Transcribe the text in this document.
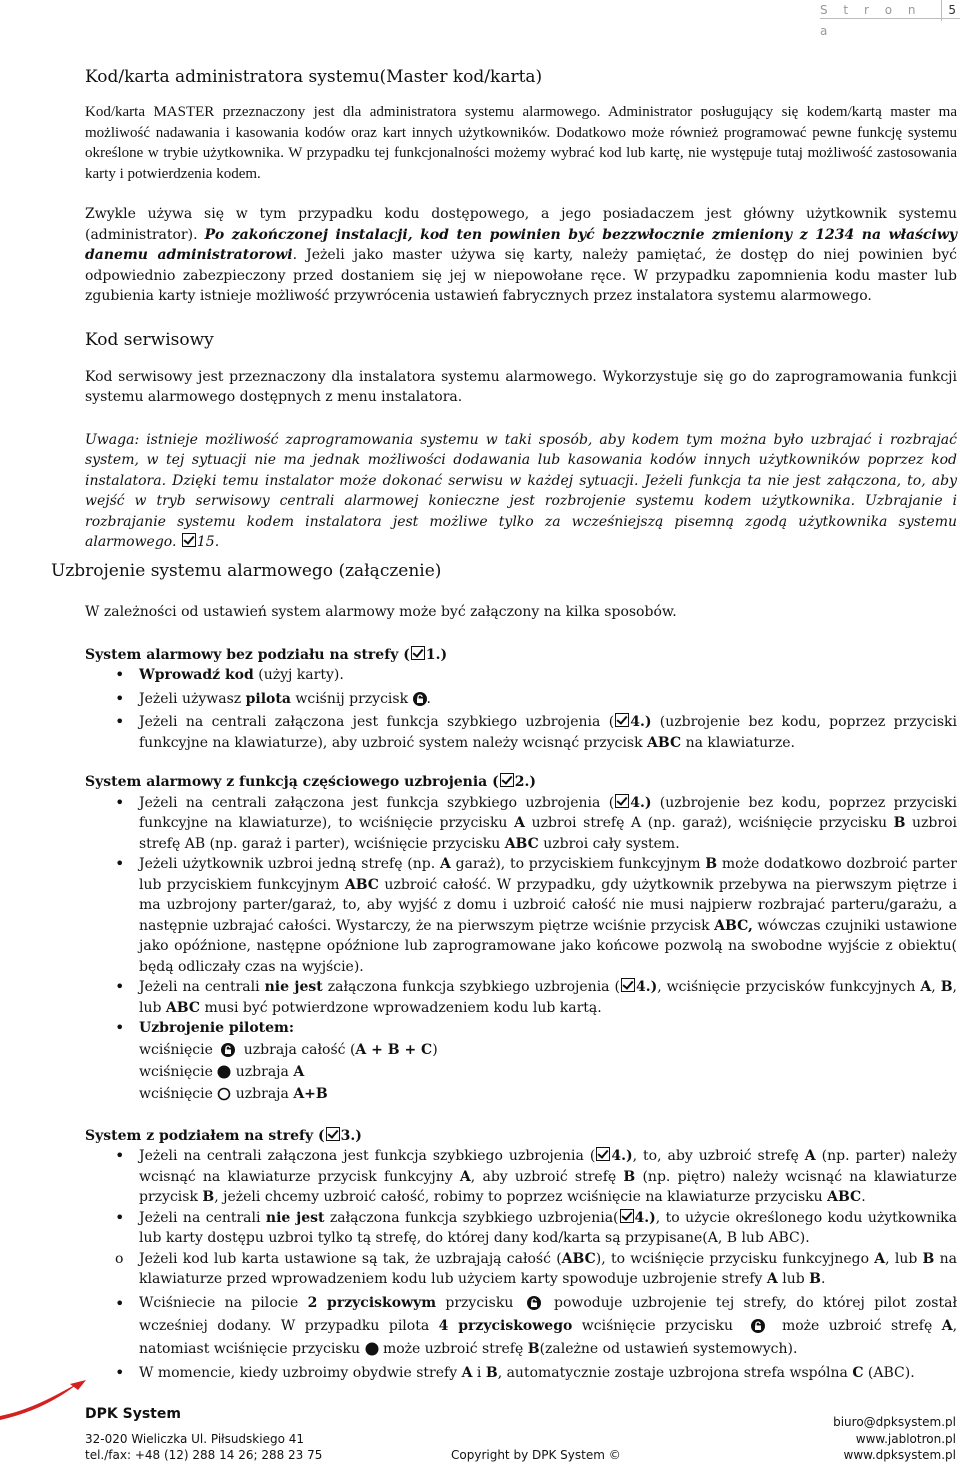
S t r o n a
5
Kod/karta administratora systemu(Master kod/karta)

Kod/karta MASTER przeznaczony jest dla administratora systemu alarmowego. Administrator posługujący się kodem/kartą master ma możliwość nadawania i kasowania kodów oraz kart innych użytkowników. Dodatkowo może również programować pewne funkcję systemu określone w trybie użytkownika. W przypadku tej funkcjonalności możemy wybrać kod lub kartę, nie występuje tutaj możliwość zastosowania karty i potwierdzenia kodem.

Zwykle używa się w tym przypadku kodu dostępowego, a jego posiadaczem jest główny użytkownik systemu (administrator). Po zakończonej instalacji, kod ten powinien być bezzwłocznie zmieniony z 1234 na właściwy danemu administratorowi. Jeżeli jako master używa się karty, należy pamiętać, że dostęp do niej powinien być odpowiednio zabezpieczony przed dostaniem się jej w niepowołane ręce. W przypadku zapomnienia kodu master lub zgubienia karty istnieje możliwość przywrócenia ustawień fabrycznych przez instalatora systemu alarmowego.

Kod serwisowy

Kod serwisowy jest przeznaczony dla instalatora systemu alarmowego. Wykorzystuje się go do zaprogramowania funkcji systemu alarmowego dostępnych z menu instalatora.

Uwaga: istnieje możliwość zaprogramowania systemu w taki sposób, aby kodem tym można było uzbrajać i rozbrajać system, w tej sytuacji nie ma jednak możliwości dodawania lub kasowania kodów innych użytkowników poprzez kod instalatora. Dzięki temu instalator może dokonać serwisu w każdej sytuacji. Jeżeli funkcja ta nie jest załączona, to, aby wejść w tryb serwisowy centrali alarmowej konieczne jest rozbrojenie systemu kodem użytkownika. Uzbrajanie i rozbrajanie systemu kodem instalatora jest możliwe tylko za wcześniejszą pisemną zgodą użytkownika systemu alarmowego. 15.

Uzbrojenie systemu alarmowego (załączenie)

W zależności od ustawień system alarmowy może być załączony na kilka sposobów.

System alarmowy bez podziału na strefy ( 1.)

• Wprowadź kod (użyj karty).
• Jeżeli używasz pilota wciśnij przycisk .
• Jeżeli na centrali załączona jest funkcja szybkiego uzbrojenia ( 4.) (uzbrojenie bez kodu, poprzez przyciski funkcyjne na klawiaturze), aby uzbroić system należy wcisnąć przycisk ABC na klawiaturze.

System alarmowy z funkcją częściowego uzbrojenia ( 2.)

• Jeżeli na centrali załączona jest funkcja szybkiego uzbrojenia ( 4.) (uzbrojenie bez kodu, poprzez przyciski funkcyjne na klawiaturze), to wciśnięcie przycisku A uzbroi strefę A (np. garaż), wciśnięcie przycisku B uzbroi strefę AB (np. garaż i parter), wciśnięcie przycisku ABC uzbroi cały system.
• Jeżeli użytkownik uzbroi jedną strefę (np. A garaż), to przyciskiem funkcyjnym B może dodatkowo dozbroić parter lub przyciskiem funkcyjnym ABC uzbroić całość. W przypadku, gdy użytkownik przebywa na pierwszym piętrze i ma uzbrojony parter/garaż, to, aby wyjść z domu i uzbroić całość nie musi najpierw rozbrajać parteru/garażu, a następnie uzbrajać całości. Wystarczy, że na pierwszym piętrze wciśnie przycisk ABC, wówczas czujniki ustawione jako opóźnione, następne opóźnione lub zaprogramowane jako końcowe pozwolą na swobodne wyjście z obiektu( będą odliczały czas na wyjście).
• Jeżeli na centrali nie jest załączona funkcja szybkiego uzbrojenia ( 4.), wciśnięcie przycisków funkcyjnych A, B, lub ABC musi być potwierdzone wprowadzeniem kodu lub kartą.
• Uzbrojenie pilotem:
wciśnięcie  uzbraja całość (A + B + C)
wciśnięcie  uzbraja A
wciśnięcie  uzbraja A+B

System z podziałem na strefy ( 3.)

• Jeżeli na centrali załączona jest funkcja szybkiego uzbrojenia ( 4.), to, aby uzbroić strefę A (np. parter) należy wcisnąć na klawiaturze przycisk funkcyjny A, aby uzbroić strefę B (np. piętro) należy wcisnąć na klawiaturze przycisk B, jeżeli chcemy uzbroić całość, robimy to poprzez wciśnięcie na klawiaturze przycisku ABC.
• Jeżeli na centrali nie jest załączona funkcja szybkiego uzbrojenia( 4.), to użycie określonego kodu użytkownika lub karty dostępu uzbroi tylko tą strefę, do której dany kod/karta są przypisane(A, B lub ABC).
o Jeżeli kod lub karta ustawione są tak, że uzbrajają całość (ABC), to wciśnięcie przycisku funkcyjnego A, lub B na klawiaturze przed wprowadzeniem kodu lub użyciem karty spowoduje uzbrojenie strefy A lub B.
• Wciśniecie na pilocie 2 przyciskowym przycisku  powoduje uzbrojenie tej strefy, do której pilot został wcześniej dodany. W przypadku pilota 4 przyciskowego wciśnięcie przycisku  może uzbroić strefę A, natomiast wciśnięcie przycisku  może uzbroić strefę B(zależne od ustawień systemowych).
• W momencie, kiedy uzbroimy obydwie strefy A i B, automatycznie zostaje uzbrojona strefa wspólna C (ABC).
DPK System
32-020 Wieliczka Ul. Piłsudskiego 41
tel./fax: +48 (12) 288 14 26; 288 23 75	Copyright by DPK System ©
biuro@dpksystem.pl
www.jablotron.pl
www.dpksystem.pl
